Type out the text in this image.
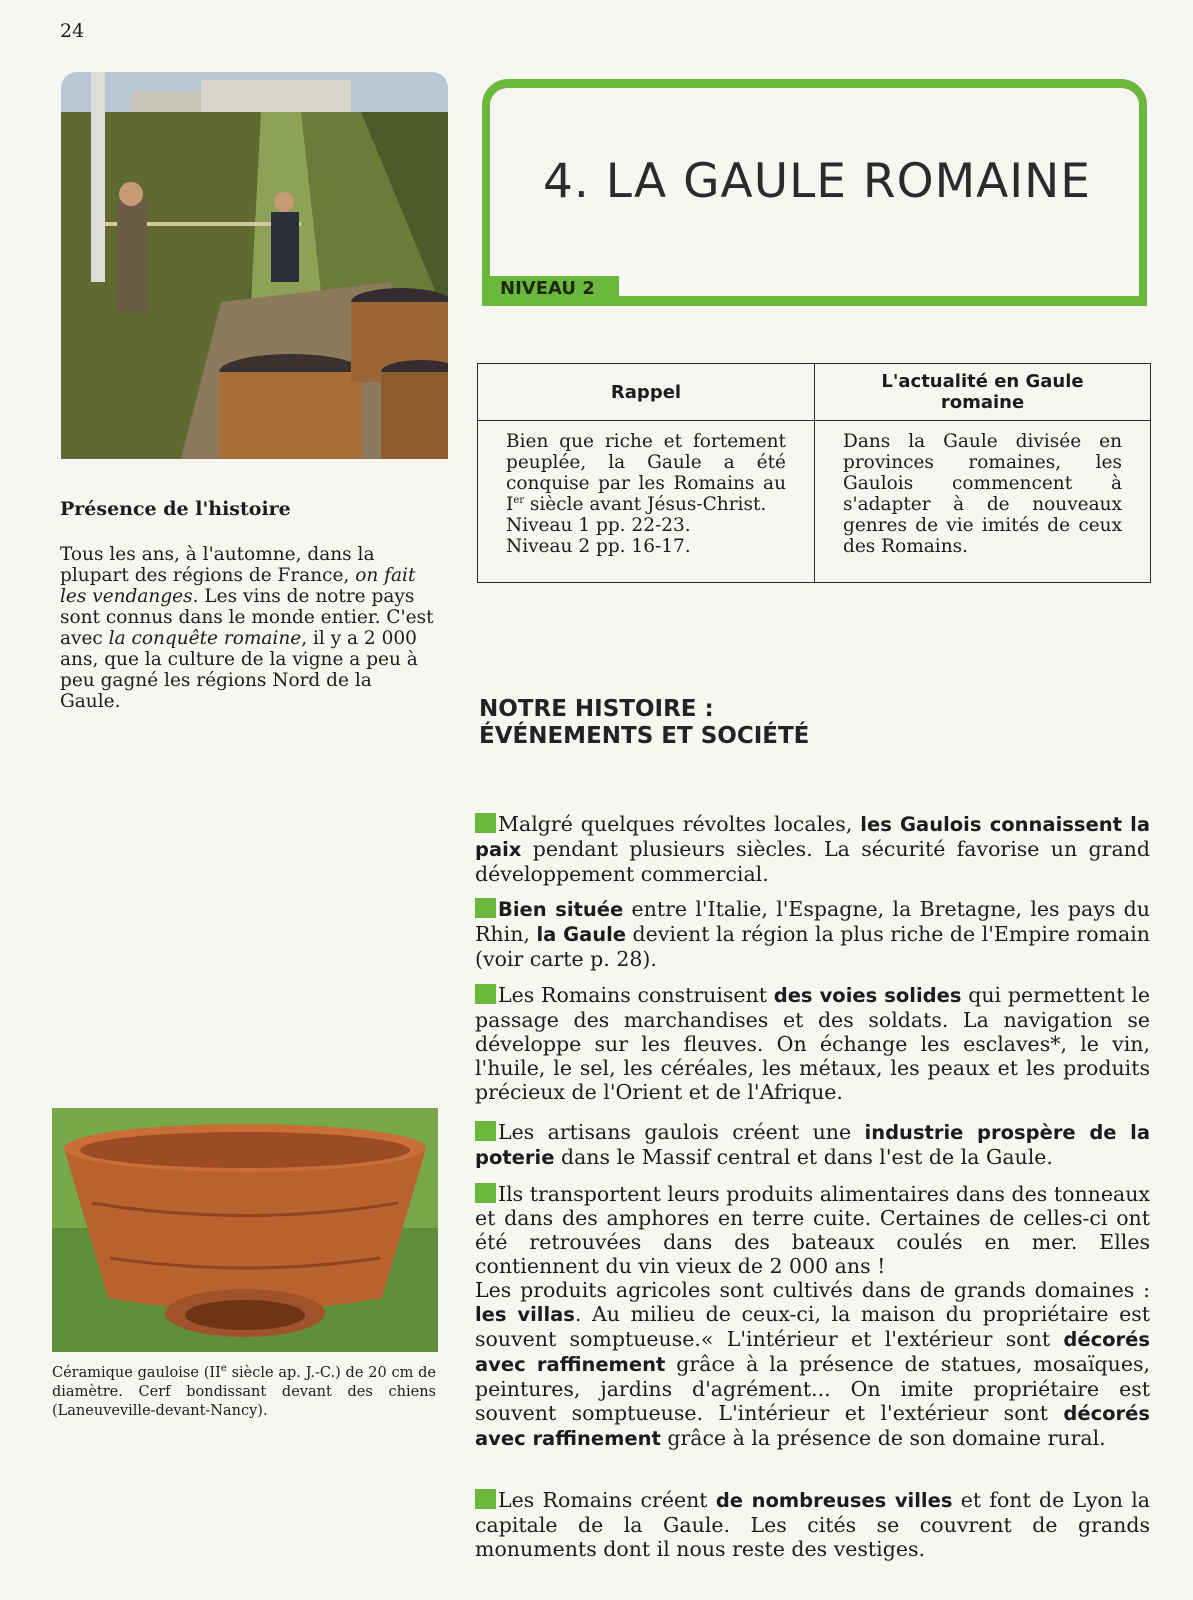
24
Présence de l'histoire
Tous les ans, à l'automne, dans la plupart des régions de France, on fait les vendanges. Les vins de notre pays sont connus dans le monde entier. C'est avec la conquête romaine, il y a 2 000 ans, que la culture de la vigne a peu à peu gagné les régions Nord de la Gaule.
Céramique gauloise (IIe siècle ap. J.-C.) de 20 cm de diamètre. Cerf bondissant devant des chiens (Laneuveville-devant-Nancy).
4. LA GAULE ROMAINE
NIVEAU 2
Rappel	L'actualité en Gaule romaine

Bien que riche et fortement peuplée, la Gaule a été conquise par les Romains au Ier siècle avant Jésus-Christ.
Niveau 1 pp. 22-23.
Niveau 2 pp. 16-17.	Dans la Gaule divisée en provinces romaines, les Gaulois commencent à s'adapter à de nouveaux genres de vie imités de ceux des Romains.
NOTRE HISTOIRE :
ÉVÉNEMENTS ET SOCIÉTÉ
Malgré quelques révoltes locales, les Gaulois connaissent la paix pendant plusieurs siècles. La sécurité favorise un grand développement commercial.
Bien située entre l'Italie, l'Espagne, la Bretagne, les pays du Rhin, la Gaule devient la région la plus riche de l'Empire romain (voir carte p. 28).
Les Romains construisent des voies solides qui permettent le passage des marchandises et des soldats. La navigation se développe sur les fleuves. On échange les esclaves*, le vin, l'huile, le sel, les céréales, les métaux, les peaux et les produits précieux de l'Orient et de l'Afrique.
Les artisans gaulois créent une industrie prospère de la poterie dans le Massif central et dans l'est de la Gaule.
Ils transportent leurs produits alimentaires dans des tonneaux et dans des amphores en terre cuite. Certaines de celles-ci ont été retrouvées dans des bateaux coulés en mer. Elles contiennent du vin vieux de 2 000 ans !
Les produits agricoles sont cultivés dans de grands domaines : les villas. Au milieu de ceux-ci, la maison du propriétaire est souvent somptueuse.« L'intérieur et l'extérieur sont décorés avec raffinement grâce à la présence de statues, mosaïques, peintures, jardins d'agrément... On imite propriétaire est souvent somptueuse. L'intérieur et l'extérieur sont décorés avec raffinement grâce à la présence de son domaine rural.
Les Romains créent de nombreuses villes et font de Lyon la capitale de la Gaule. Les cités se couvrent de grands monuments dont il nous reste des vestiges.
